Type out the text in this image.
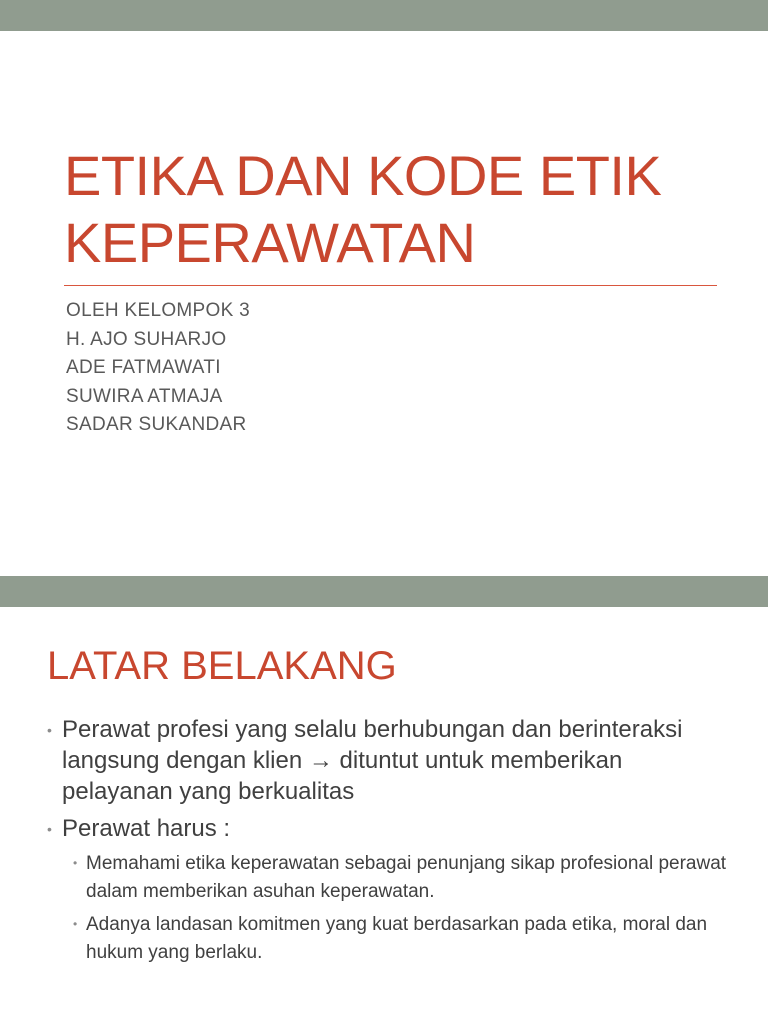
ETIKA DAN KODE ETIK
KEPERAWATAN
OLEH KELOMPOK 3
H. AJO SUHARJO
ADE FATMAWATI
SUWIRA ATMAJA
SADAR SUKANDAR
LATAR BELAKANG
• Perawat profesi yang selalu berhubungan dan berinteraksi langsung dengan klien → dituntut untuk memberikan pelayanan yang berkualitas
• Perawat harus :
• Memahami etika keperawatan sebagai penunjang sikap profesional perawat dalam memberikan asuhan keperawatan.
• Adanya landasan komitmen yang kuat berdasarkan pada etika, moral dan hukum yang berlaku.
